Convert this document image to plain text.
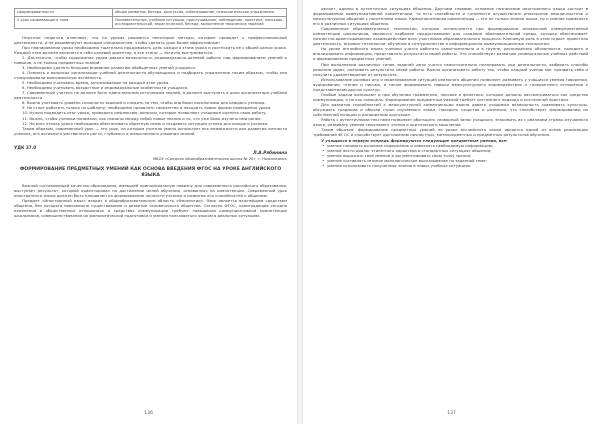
сформированности	общее развитие, беседа, дискуссия, собеседование, психологические упражнения
5 урок развивающего типа	Познавательные, учебные ситуации, прослушивание, наблюдение, практика, поисково-исследовательский, эвристический, беседа, выполнение творческих заданий

Опытные педагоги отмечают, что на уроках решаются некоторые методы, которые приводят к профессиональной деятельности, и не рекомендуют молодым специалистам, чтобы сделать урок более эффективным:

При планировании урока необходимо тщательно продумывать цель каждого этапа урока и соотносить её с общей целью урока. Каждый этап должен включать в себя целевой ориентир, а все этапы — логично выстраиваться.

2. Достаточно, чтобы содержание урока давало возможность индивидуально-целевой работы над формированием умений и навыков, а не только предметных знаний.

3. Необходимо уделять большое внимание развитию обобщённых умений учащихся.

4. Помнить о вопросах организации учебной деятельности обучающихся и подбирать упражнения таким образом, чтобы они стимулировали максимальную активность.

5. Необходимо учитывать время, затрачиваемое на каждый этап урока.

6. Необходимо учитывать возрастные и индивидуальные особенности учащихся.

7. Современный учитель не должен быть единственным источником знаний, а должен выступать в роли организатора учебной деятельности.

8. Важно учитывать уровень сложности заданий и следить за тем, чтобы они были посильными для каждого ученика.

9. Не стоит работать только по шаблону; необходимо проявлять творчество и находить новые формы проведения урока.

10. Нужно подводить итог урока, проводить рефлексию, вопросы, которые позволяют учащимся оценить свою работу.

11. Важно, чтобы ученики понимали, как связаны между собой новые знания и то, что уже было изучено ими ранее.

12. На всех этапах урока необходимо обеспечивать обратную связь и создавать ситуации успеха для каждого ученика.

Таким образом, современный урок — это урок, на котором учитель умело использует все возможности для развития личности ученика, его активного умственного роста, глубокого и осмысленного усвоения знаний.

УДК 37.0
Л.А.Рябинина
МБОУ «Средняя общеобразовательная школа № 20», г. Нижнекамск
ФОРМИРОВАНИЕ ПРЕДМЕТНЫХ УМЕНИЙ КАК ОСНОВА ВВЕДЕНИЯ ФГОС НА УРОКЕ АНГЛИЙСКОГО ЯЗЫКА

Важной составляющей качества образования, имеющей принципиальную новизну для современного российского образования, выступает результат, который ориентирован на достижение целей обучения, основанных на компетенции. Современный урок иностранного языка должен быть направлен на формирование личности ученика и развитие его способностей к общению.

Предмет «Иностранный язык» входит в общеобразовательную область «Филология». Язык является важнейшим средством общения, без которого невозможно существование и развитие человеческого общества. Согласно ФГОС, происходящие сегодня изменения в общественных отношениях и средствах коммуникации требуют повышения коммуникативной компетенции школьников, совершенствования их филологической подготовки и умения пользоваться языком в реальных ситуациях.

136

делает, однако в аутентичных ситуациях общения. Другими словами, основное назначение иностранного языка состоит в формировании коммуникативной компетенции, то есть способности и готовности осуществлять иноязычное межличностное и межкультурное общение с носителями языка. Коммуникативная компетенция — это не только знание языка, но и умение применять его в различных ситуациях общения.

Современные образовательные технологии, которые используются при формировании иноязычной коммуникативной компетенции школьников, являются наиболее продуктивными для создания образовательной среды, которая обеспечивает личностно-ориентированное взаимодействие всех участников образовательного процесса. Ключевую роль в этом играет проектная деятельность, игровые технологии, обучение в сотрудничестве и информационно-коммуникационные технологии.

На уроке английского языка ученики учатся работать самостоятельно и в группе, распределять обязанности, находить и анализировать информацию, представлять результаты своей работы. Это способствует развитию универсальных учебных действий и формированию предметных умений.

При выполнении различных типов заданий дети учатся самостоятельно планировать ход деятельности, выбирать способы решения задач, оценивать результаты своей работы. Важно организовать работу так, чтобы каждый ученик мог проявить себя и получить удовлетворение от результата.

Использование ролевых игр и моделирование ситуаций реального общения позволяет развивать у учащихся умения говорения, аудирования, чтения и письма, а также формировать навыки межкультурного взаимодействия и толерантного отношения к представителям других культур.

Особые задачи возникают и при обучении грамматике, лексике и фонетике, которые должны рассматриваться как средство коммуникации, а не как самоцель. Формирование предметных умений требует системного подхода и постоянной практики.

Для развития способностей к межкультурной коммуникации важно давать учащимся возможность сравнивать культуры, обсуждать традиции и обычаи стран изучаемого языка, находить сходства и различия, что способствует формированию их собственной позиции и расширению кругозора.

Работа с аутентичными текстами позволяет обогащать словарный запас учащихся, знакомить их с реалиями страны изучаемого языка, развивать умения смыслового чтения и критического мышления.

Таким образом, формирование предметных умений на уроке английского языка является одной из основ реализации требований ФГОС и способствует достижению личностных, метапредметных и предметных результатов обучения.

У учащихся в первую очередь формируются следующие предметные умения, все:

• умение понимать основное содержание и извлекать необходимую информацию;
• умение вести диалог этикетного характера в стандартных ситуациях общения;
• умение выражать своё мнение и аргументировать свою точку зрения;
• умение составлять связное монологическое высказывание по заданной теме;
• умение использовать полученные знания в новых учебных ситуациях.
137
